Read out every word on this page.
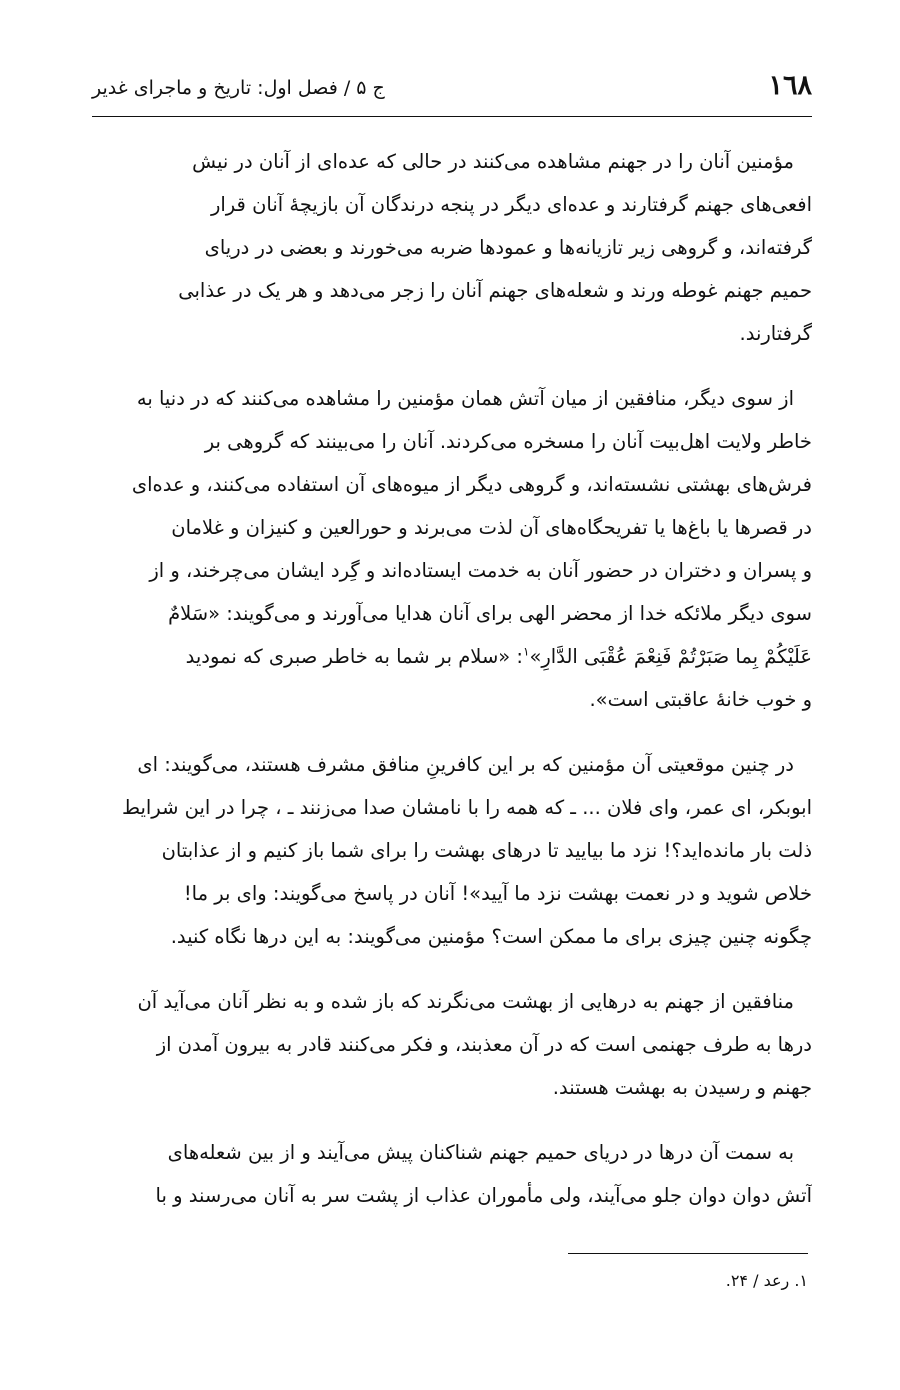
١٦٨
ج ۵ / فصل اول: تاریخ و ماجرای غدیر

مؤمنین آنان را در جهنم مشاهده می‌کنند در حالی که عده‌ای از آنان در نیش
افعی‌های جهنم گرفتارند و عده‌ای دیگر در پنجه درندگان آن بازیچۀ آنان قرار
گرفته‌اند، و گروهی زیر تازیانه‌ها و عمودها ضربه می‌خورند و بعضی در دریای
حمیم جهنم غوطه ورند و شعله‌های جهنم آنان را زجر می‌دهد و هر یک در عذابی
گرفتارند.

از سوی دیگر، منافقین از میان آتش همان مؤمنین را مشاهده می‌کنند که در دنیا به
خاطر ولایت اهل‌بیت آنان را مسخره می‌کردند. آنان را می‌بینند که گروهی بر
فرش‌های بهشتی نشسته‌اند، و گروهی دیگر از میوه‌های آن استفاده می‌کنند، و عده‌ای
در قصرها یا باغ‌ها یا تفریحگاه‌های آن لذت می‌برند و حورالعین و کنیزان و غلامان
و پسران و دختران در حضور آنان به خدمت ایستاده‌اند و گِرد ایشان می‌چرخند، و از
سوی دیگر ملائکه خدا از محضر الهی برای آنان هدایا می‌آورند و می‌گویند: «سَلامٌ
عَلَیْکُمْ بِما صَبَرْتُمْ فَنِعْمَ عُقْبَی الدَّارِ»$^۱$: «سلام بر شما به خاطر صبری که نمودید
و خوب خانۀ عاقبتی است».

در چنین موقعیتی آن مؤمنین که بر این کافرینِ منافق مشرف هستند، می‌گویند: ای
ابوبکر، ای عمر، وای فلان ... ـ که همه را با نامشان صدا می‌زنند ـ ، چرا در این شرایط
ذلت بار مانده‌اید؟! نزد ما بیایید تا درهای بهشت را برای شما باز کنیم و از عذابتان
خلاص شوید و در نعمت بهشت نزد ما آیید»! آنان در پاسخ می‌گویند: وای بر ما!
چگونه چنین چیزی برای ما ممکن است؟ مؤمنین می‌گویند: به این درها نگاه کنید.

منافقین از جهنم به درهایی از بهشت می‌نگرند که باز شده و به نظر آنان می‌آید آن
درها به طرف جهنمی است که در آن معذبند، و فکر می‌کنند قادر به بیرون آمدن از
جهنم و رسیدن به بهشت هستند.

به سمت آن درها در دریای حمیم جهنم شناکنان پیش می‌آیند و از بین شعله‌های
آتش دوان دوان جلو می‌آیند، ولی مأموران عذاب از پشت سر به آنان می‌رسند و با

۱. رعد / ۲۴.
